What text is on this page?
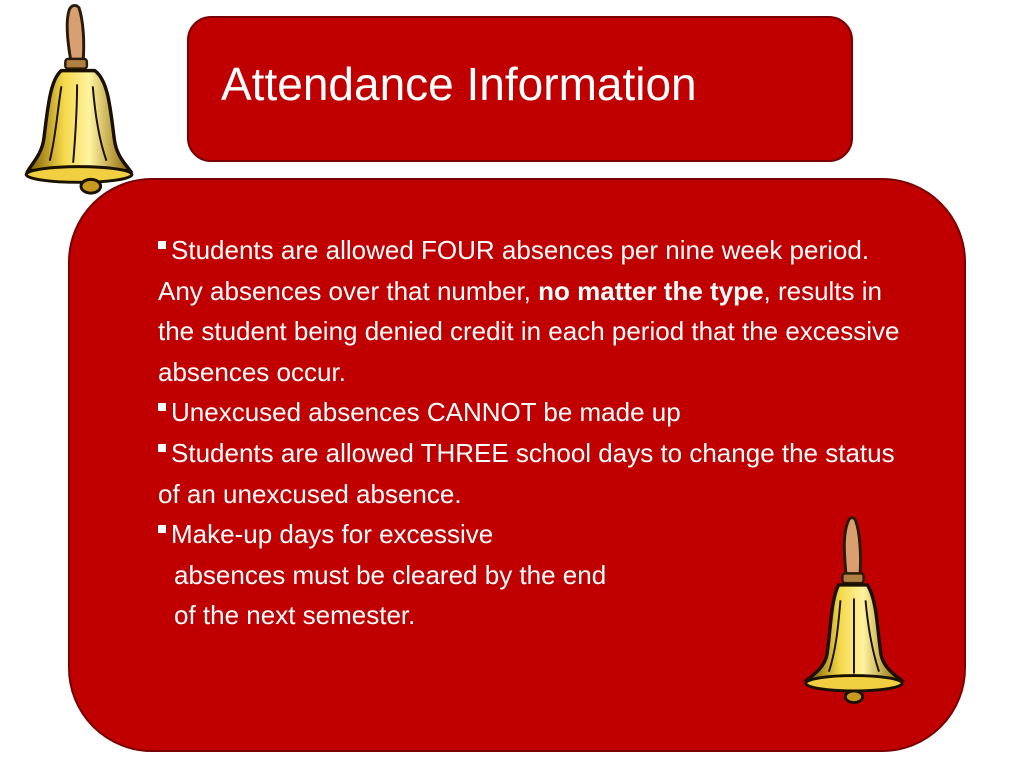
Attendance Information
Students are allowed FOUR absences per nine week period. Any absences over that number, no matter the type, results in the student being denied credit in each period that the excessive absences occur.
Unexcused absences CANNOT be made up
Students are allowed THREE school days to change the status of an unexcused absence.
Make-up days for excessive
absences must be cleared by the end
of the next semester.
